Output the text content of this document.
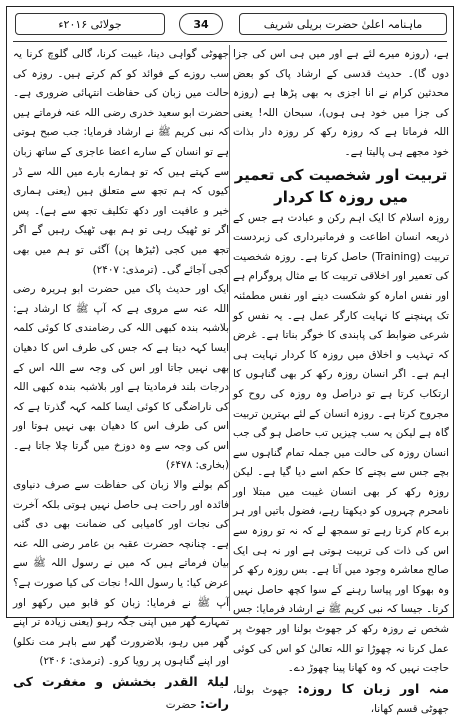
ماہنامہ اعلیٰ حضرت بریلی شریف
34
جولائی ۲۰۱۶ء

ہے، (روزہ میرے لئے ہے اور میں ہی اس کی جزا دوں گا)۔ حدیث قدسی کے ارشاد پاک کو بعض محدثین کرام نے انا اجزی بہ بھی پڑھا ہے (روزہ کی جزا میں خود ہی ہوں)، سبحان اللہ! یعنی اللہ فرماتا ہے کہ روزہ رکھ کر روزہ دار بذات خود مجھے ہی پالیتا ہے۔

تربیت اور شخصیت کی تعمیر میں روزہ کا کردار

روزہ اسلام کا ایک اہم رکن و عبادت ہے جس کے ذریعہ انسان اطاعت و فرمانبرداری کی زبردست تربیت (Training) حاصل کرتا ہے۔ روزہ شخصیت کی تعمیر اور اخلاقی تربیت کا بے مثال پروگرام ہے اور نفس امارہ کو شکست دینے اور نفس مطمئنہ تک پہنچنے کا نہایت کارگر عمل ہے۔ یہ نفس کو شرعی ضوابط کی پابندی کا خوگر بناتا ہے۔ غرض کہ تہذیب و اخلاق میں روزہ کا کردار نہایت ہی اہم ہے۔ اگر انسان روزہ رکھ کر بھی گناہوں کا ارتکاب کرتا ہے تو دراصل وہ روزہ کی روح کو مجروح کرتا ہے۔ روزہ انسان کے لئے بہترین تربیت گاہ ہے لیکن یہ سب چیزیں تب حاصل ہو گی جب انسان روزہ کی حالت میں جملہ تمام گناہوں سے بچے جس سے بچنے کا حکم اسے دیا گیا ہے۔ لیکن روزہ رکھ کر بھی انسان غیبت میں مبتلا اور نامحرم چہروں کو دیکھتا رہے، فضول باتیں اور ہر برے کام کرتا رہے تو سمجھ لے کہ نہ تو روزہ سے اس کی ذات کی تربیت ہوتی ہے اور نہ ہی ایک صالح معاشرہ وجود میں آتا ہے۔ بس روزہ رکھ کر وہ بھوکا اور پیاسا رہنے کے سوا کچھ حاصل نہیں کرتا۔ جیسا کہ نبی کریم ﷺ نے ارشاد فرمایا: جس شخص نے روزہ رکھ کر جھوٹ بولنا اور جھوٹ پر عمل کرنا نہ چھوڑا تو اللہ تعالیٰ کو اس کی کوئی حاجت نہیں کہ وہ کھانا پینا چھوڑ دے۔

منہ اور زبان کا روزہ: جھوٹ بولنا، جھوٹی قسم کھانا،

جھوٹی گواہی دینا، غیبت کرنا، گالی گلوچ کرنا یہ سب روزے کے فوائد کو کم کرتے ہیں۔ روزہ کی حالت میں زبان کی حفاظت انتہائی ضروری ہے۔ حضرت ابو سعید خدری رضی اللہ عنہ فرماتے ہیں کہ نبی کریم ﷺ نے ارشاد فرمایا: جب صبح ہوتی ہے تو انسان کے سارے اعضا عاجزی کے ساتھ زبان سے کہتے ہیں کہ تو ہمارے بارے میں اللہ سے ڈر کیوں کہ ہم تجھ سے متعلق ہیں (یعنی ہماری خیر و عافیت اور دکھ تکلیف تجھ سے ہے)۔ پس اگر تو ٹھیک رہی تو ہم بھی ٹھیک رہیں گے اگر تجھ میں کجی (ٹیڑھا پن) آگئی تو ہم میں بھی کجی آجائے گی۔ (ترمذی: ۲۴۰۷)

ایک اور حدیث پاک میں حضرت ابو ہریرہ رضی اللہ عنہ سے مروی ہے کہ آپ ﷺ کا ارشاد ہے: بلاشبہ بندہ کبھی اللہ کی رضامندی کا کوئی کلمہ ایسا کہہ دیتا ہے کہ جس کی طرف اس کا دھیان بھی نہیں جاتا اور اس کی وجہ سے اللہ اس کے درجات بلند فرمادیتا ہے اور بلاشبہ بندہ کبھی اللہ کی ناراضگی کا کوئی ایسا کلمہ کہہ گذرتا ہے کہ اس کی طرف اس کا دھیان بھی نہیں ہوتا اور اس کی وجہ سے وہ دوزخ میں گرتا چلا جاتا ہے۔ (بخاری: ۶۴۷۸)

کم بولنے والا زبان کی حفاظت سے صرف دنیاوی فائدہ اور راحت ہی حاصل نہیں ہوتی بلکہ آخرت کی نجات اور کامیابی کی ضمانت بھی دی گئی ہے۔ چنانچہ حضرت عقبہ بن عامر رضی اللہ عنہ بیان فرماتے ہیں کہ میں نے رسول اللہ ﷺ سے عرض کیا: یا رسول اللہ! نجات کی کیا صورت ہے؟ آپ ﷺ نے فرمایا: زبان کو قابو میں رکھو اور تمہارے گھر میں اپنی جگہ رہو (یعنی زیادہ تر اپنے گھر میں رہو، بلاضرورت گھر سے باہر مت نکلو) اور اپنے گناہوں پر رویا کرو۔ (ترمذی: ۲۴۰۶)

لیلۃ القدر بخشش و مغفرت کی رات: حضرت
